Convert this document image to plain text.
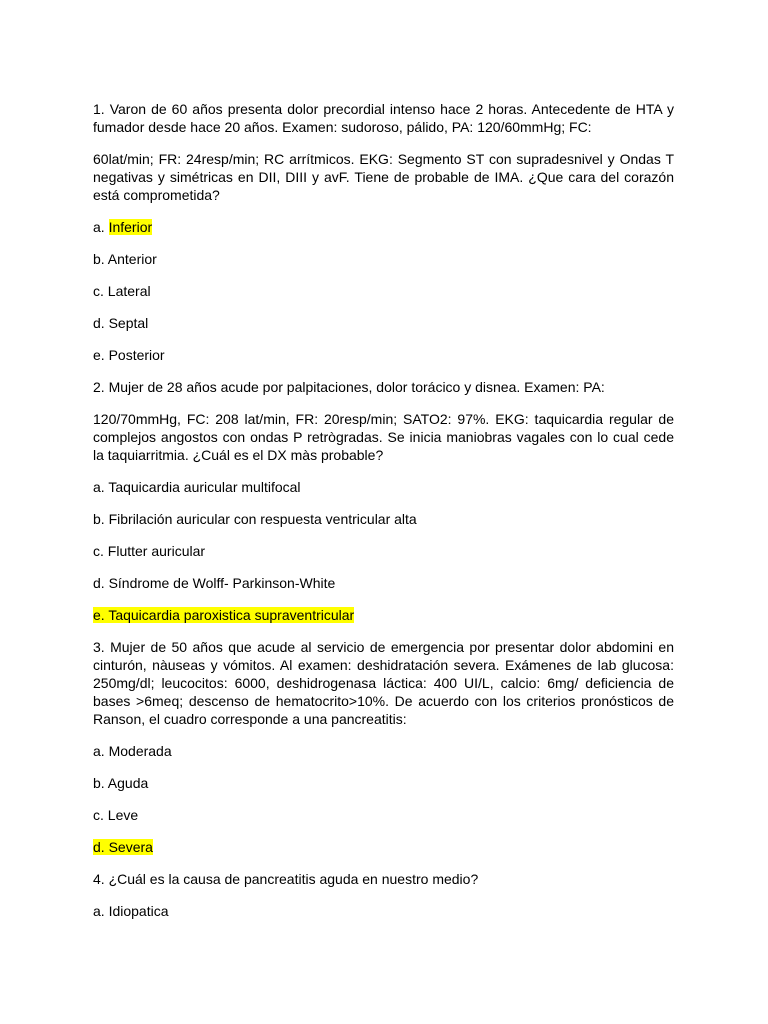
1. Varon de 60 años presenta dolor precordial intenso hace 2 horas. Antecedente de HTA y fumador desde hace 20 años. Examen: sudoroso, pálido, PA: 120/60mmHg; FC:

60lat/min; FR: 24resp/min; RC arrítmicos. EKG: Segmento ST con supradesnivel y Ondas T negativas y simétricas en DII, DIII y avF. Tiene de probable de IMA. ¿Que cara del corazón está comprometida?

a. Inferior

b. Anterior

c. Lateral

d. Septal

e. Posterior

2. Mujer de 28 años acude por palpitaciones, dolor torácico y disnea. Examen: PA:

120/70mmHg, FC: 208 lat/min, FR: 20resp/min; SATO2: 97%. EKG: taquicardia regular de complejos angostos con ondas P retrògradas. Se inicia maniobras vagales con lo cual cede la taquiarritmia. ¿Cuál es el DX màs probable?

a. Taquicardia auricular multifocal

b. Fibrilación auricular con respuesta ventricular alta

c. Flutter auricular

d. Síndrome de Wolff- Parkinson-White

e. Taquicardia paroxistica supraventricular

3. Mujer de 50 años que acude al servicio de emergencia por presentar dolor abdomini en cinturón, nàuseas y vómitos. Al examen: deshidratación severa. Exámenes de lab glucosa: 250mg/dl; leucocitos: 6000, deshidrogenasa láctica: 400 UI/L, calcio: 6mg/ deficiencia de bases >6meq; descenso de hematocrito>10%. De acuerdo con los criterios pronósticos de Ranson, el cuadro corresponde a una pancreatitis:

a. Moderada

b. Aguda

c. Leve

d. Severa

4. ¿Cuál es la causa de pancreatitis aguda en nuestro medio?

a. Idiopatica
